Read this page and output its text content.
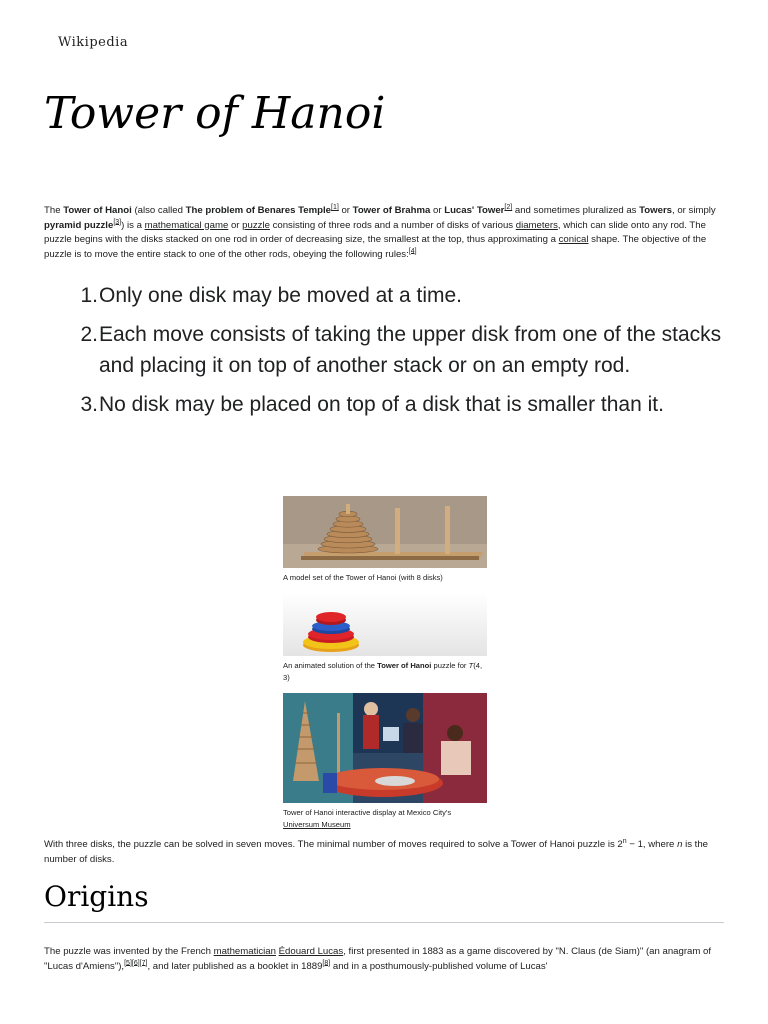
Wikipedia
Tower of Hanoi

The Tower of Hanoi (also called The problem of Benares Temple[1] or Tower of Brahma or Lucas' Tower[2] and sometimes pluralized as Towers, or simply pyramid puzzle[3]) is a mathematical game or puzzle consisting of three rods and a number of disks of various diameters, which can slide onto any rod. The puzzle begins with the disks stacked on one rod in order of decreasing size, the smallest at the top, thus approximating a conical shape. The objective of the puzzle is to move the entire stack to one of the other rods, obeying the following rules:[4]

1. Only one disk may be moved at a time.
2. Each move consists of taking the upper disk from one of the stacks and placing it on top of another stack or on an empty rod.
3. No disk may be placed on top of a disk that is smaller than it.
A model set of the Tower of Hanoi (with 8 disks)
An animated solution of the Tower of Hanoi puzzle for T(4, 3)
Tower of Hanoi interactive display at Mexico City's Universum Museum

With three disks, the puzzle can be solved in seven moves. The minimal number of moves required to solve a Tower of Hanoi puzzle is $2^n - 1$, where n is the number of disks.

Origins

The puzzle was invented by the French mathematician Édouard Lucas, first presented in 1883 as a game discovered by "N. Claus (de Siam)" (an anagram of "Lucas d'Amiens"),[5][6][7], and later published as a booklet in 1889[8] and in a posthumously-published volume of Lucas'
